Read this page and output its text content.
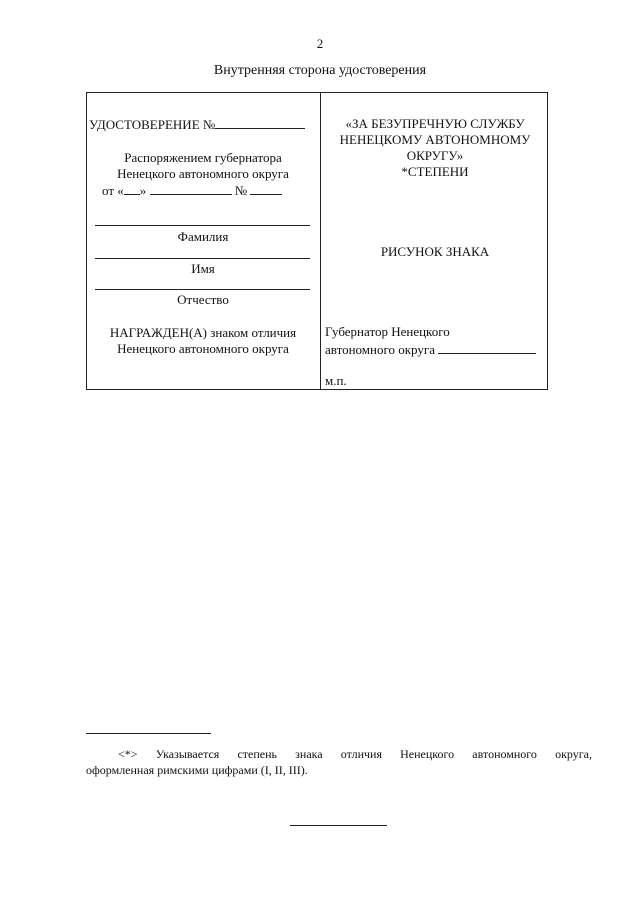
2
Внутренняя сторона удостоверения
УДОСТОВЕРЕНИЕ №
Распоряжением губернатора
Ненецкого автономного округа
от « »	№
Фамилия
Имя
Отчество
НАГРАЖДЕН(А) знаком отличия
Ненецкого автономного округа
«ЗА БЕЗУПРЕЧНУЮ СЛУЖБУ
НЕНЕЦКОМУ АВТОНОМНОМУ
ОКРУГУ»
*СТЕПЕНИ
РИСУНОК ЗНАКА
Губернатор Ненецкого
автономного округа
м.п.
<*> Указывается степень знака отличия Ненецкого автономного округа,
оформленная римскими цифрами (I, II, III).
